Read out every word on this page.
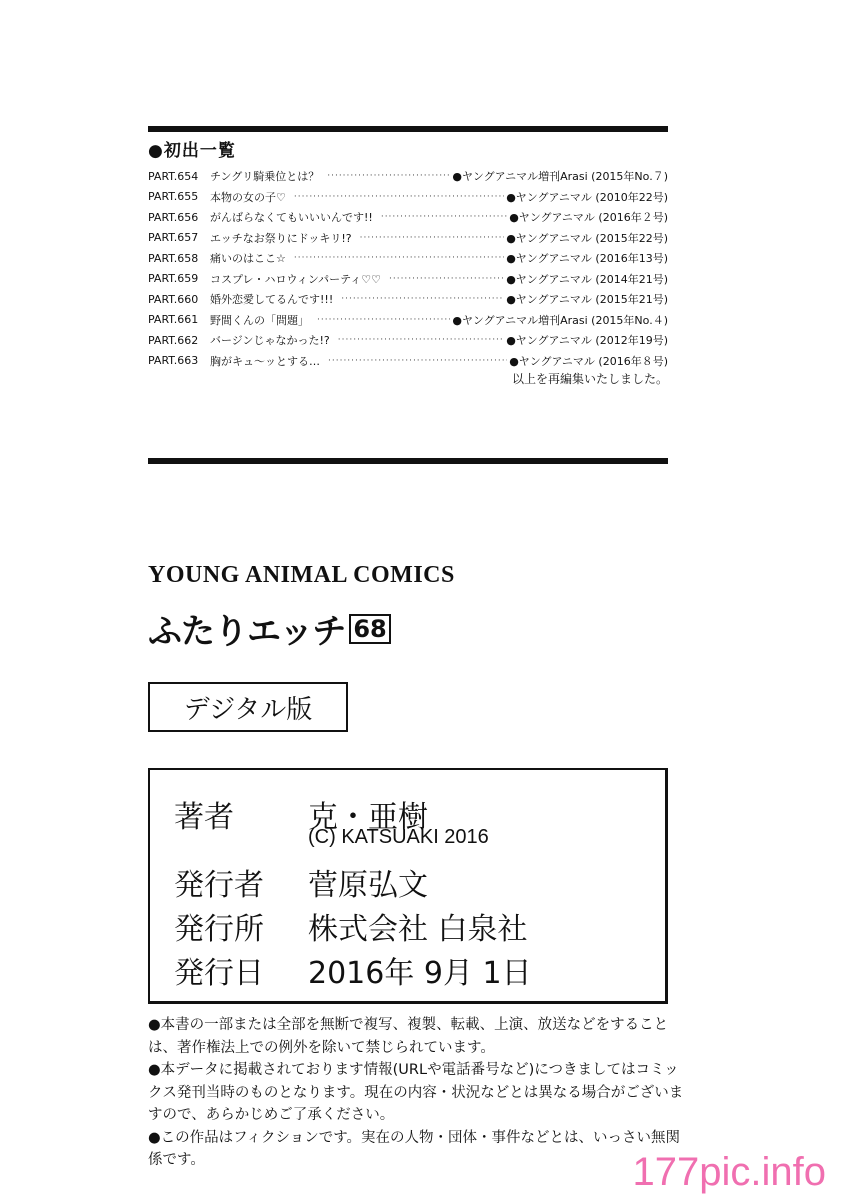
●初出一覧
PART.654	チングリ騎乗位とは？ ·····	●ヤングアニマル増刊Arasi (2015年No.７)
PART.655	本物の女の子♡ ·····	●ヤングアニマル (2010年22号)
PART.656	がんばらなくてもいいいんです!! ·····	●ヤングアニマル (2016年２号)
PART.657	エッチなお祭りにドッキリ!? ·····	●ヤングアニマル (2015年22号)
PART.658	痛いのはここ☆ ·····	●ヤングアニマル (2016年13号)
PART.659	コスプレ・ハロウィンパーティ♡♡ ·····	●ヤングアニマル (2014年21号)
PART.660	婚外恋愛してるんです!!! ·····	●ヤングアニマル (2015年21号)
PART.661	野間くんの「問題」 ·····	●ヤングアニマル増刊Arasi (2015年No.４)
PART.662	バージンじゃなかった!? ·····	●ヤングアニマル (2012年19号)
PART.663	胸がキュ〜ッとする… ·····	●ヤングアニマル (2016年８号)
以上を再編集いたしました。
YOUNG ANIMAL COMICS
ふたりエッチ 68
デジタル版
著者	克・亜樹
(C) KATSUAKI 2016
発行者	菅原弘文
発行所	株式会社 白泉社
発行日	2016年 9月 1日

●本書の一部または全部を無断で複写、複製、転載、上演、放送などをすることは、著作権法上での例外を除いて禁じられています。

●本データに掲載されております情報(URLや電話番号など)につきましてはコミックス発刊当時のものとなります。現在の内容・状況などとは異なる場合がございますので、あらかじめご了承ください。

●この作品はフィクションです。実在の人物・団体・事件などとは、いっさい無関係です。	177pic.info
